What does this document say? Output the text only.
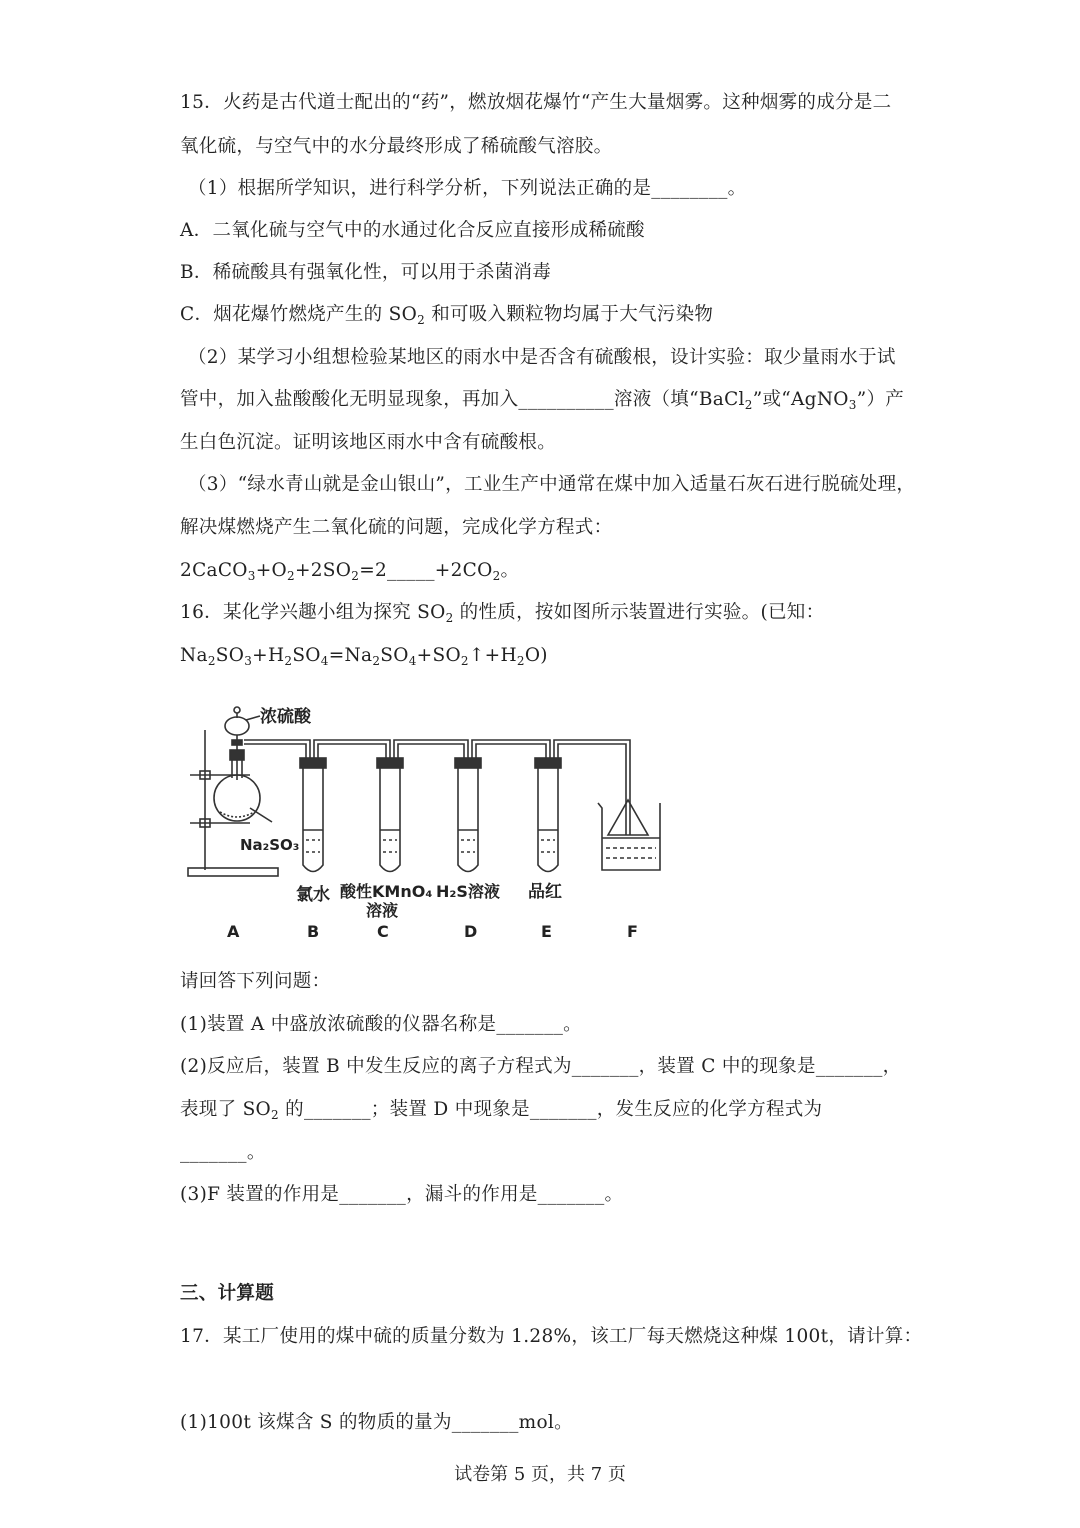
15．火药是古代道士配出的“药”，燃放烟花爆竹“产生大量烟雾。这种烟雾的成分是二
氧化硫，与空气中的水分最终形成了稀硫酸气溶胶。
（1）根据所学知识，进行科学分析，下列说法正确的是________。
A．二氧化硫与空气中的水通过化合反应直接形成稀硫酸
B．稀硫酸具有强氧化性，可以用于杀菌消毒
C．烟花爆竹燃烧产生的 $SO_2$ 和可吸入颗粒物均属于大气污染物
（2）某学习小组想检验某地区的雨水中是否含有硫酸根，设计实验：取少量雨水于试
管中，加入盐酸酸化无明显现象，再加入__________溶液（填“BaCl$_2$”或“AgNO$_3$”）产
生白色沉淀。证明该地区雨水中含有硫酸根。
（3）“绿水青山就是金山银山”，工业生产中通常在煤中加入适量石灰石进行脱硫处理，
解决煤燃烧产生二氧化硫的问题，完成化学方程式：
$2CaCO_3+O_2+2SO_2=2\_\_\_\_\_+2CO_2$。
16．某化学兴趣小组为探究 $SO_2$ 的性质，按如图所示装置进行实验。(已知：
$Na_2SO_3+H_2SO_4=Na_2SO_4+SO_2↑+H_2O$)
浓硫酸
Na₂SO₃
氯水 酸性KMnO₄
溶液
H₂S溶液 品红
A	B	C	D	E	F
请回答下列问题：
(1)装置 A 中盛放浓硫酸的仪器名称是_______。
(2)反应后，装置 B 中发生反应的离子方程式为_______，装置 C 中的现象是_______，
表现了 $SO_2$ 的_______；装置 D 中现象是_______，发生反应的化学方程式为
_______。
(3)F 装置的作用是_______，漏斗的作用是_______。
三、计算题
17．某工厂使用的煤中硫的质量分数为 1.28%，该工厂每天燃烧这种煤 100t，请计算：
(1)100t 该煤含 S 的物质的量为_______mol。
试卷第 5 页，共 7 页
